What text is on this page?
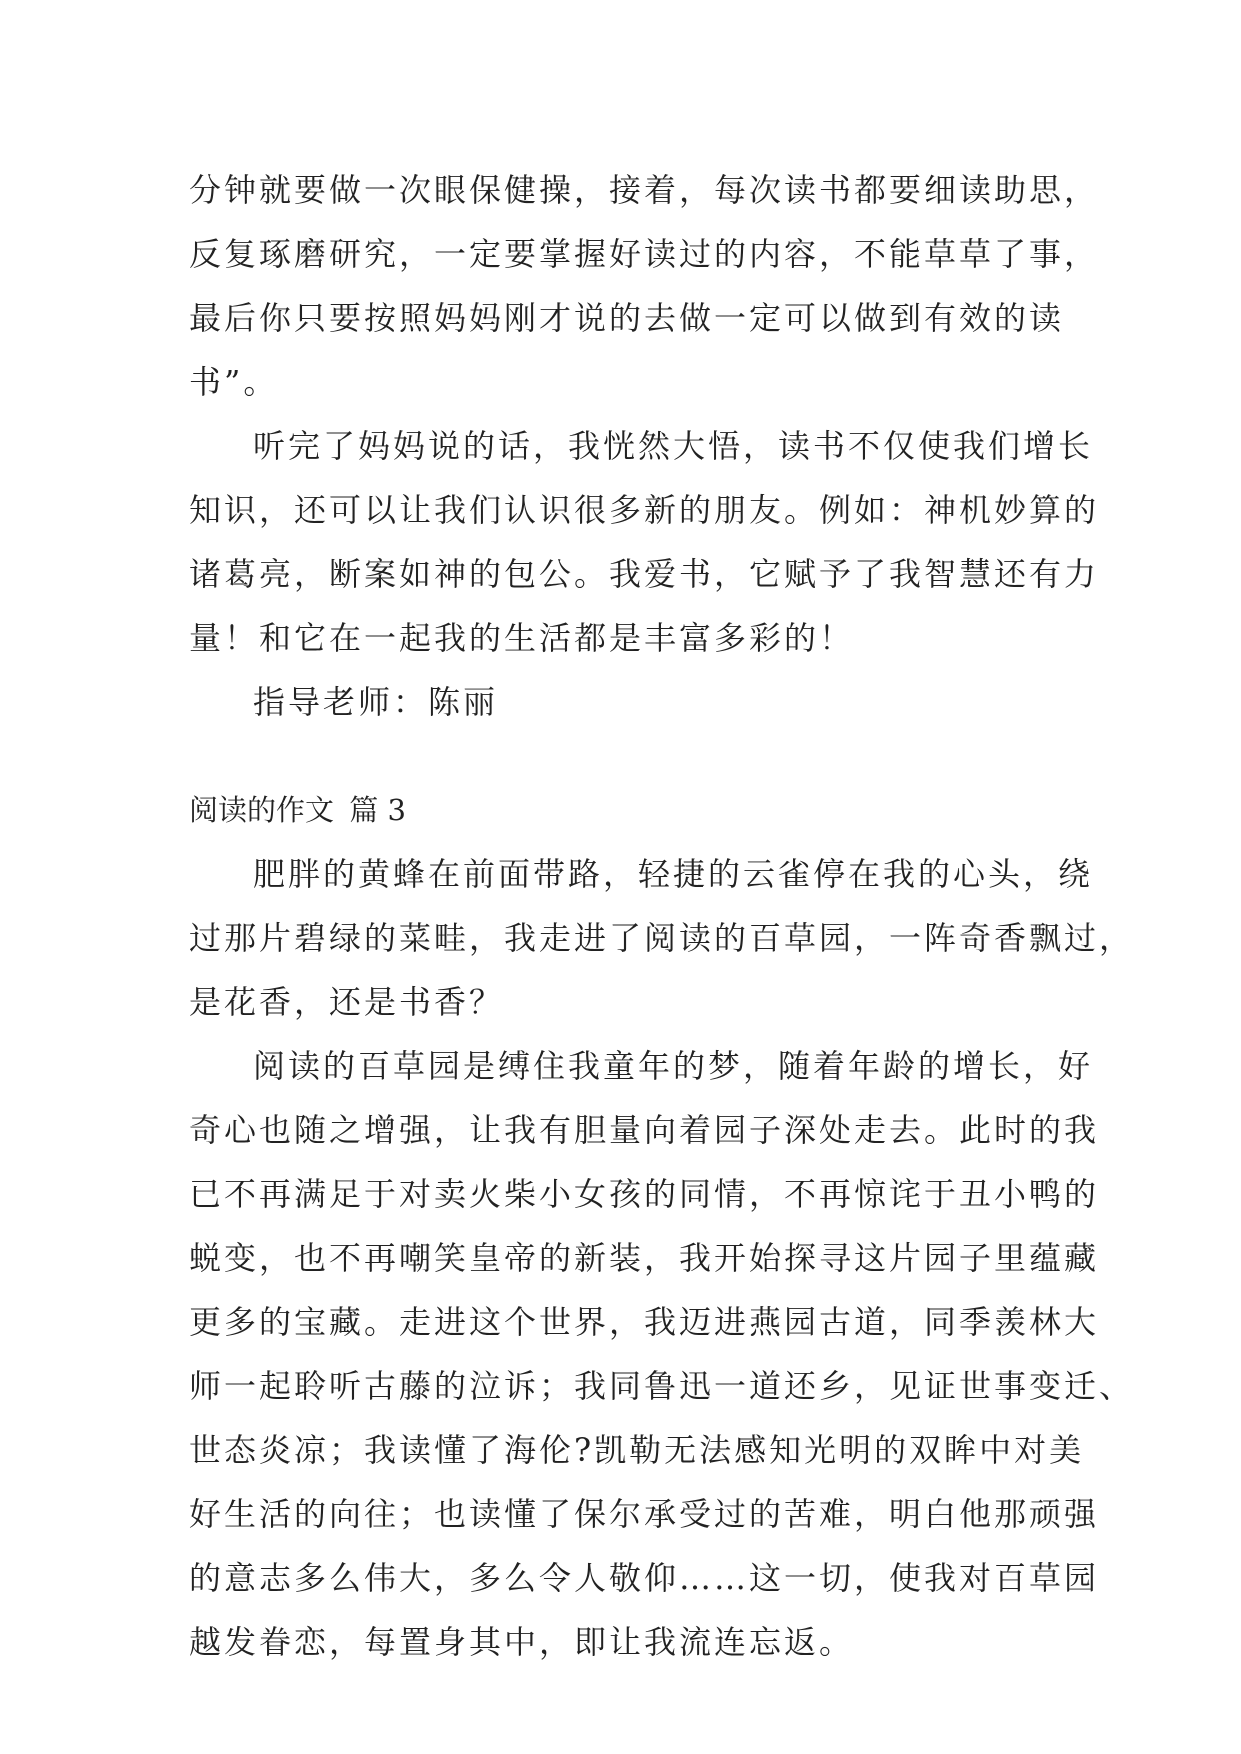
分钟就要做一次眼保健操，接着，每次读书都要细读助思，
反复琢磨研究，一定要掌握好读过的内容，不能草草了事，
最后你只要按照妈妈刚才说的去做一定可以做到有效的读
书”。
听完了妈妈说的话，我恍然大悟，读书不仅使我们增长
知识，还可以让我们认识很多新的朋友。例如：神机妙算的
诸葛亮，断案如神的包公。我爱书，它赋予了我智慧还有力
量！和它在一起我的生活都是丰富多彩的！
指导老师：陈丽
阅读的作文 篇 3
肥胖的黄蜂在前面带路，轻捷的云雀停在我的心头，绕
过那片碧绿的菜畦，我走进了阅读的百草园，一阵奇香飘过，
是花香，还是书香？
阅读的百草园是缚住我童年的梦，随着年龄的增长，好
奇心也随之增强，让我有胆量向着园子深处走去。此时的我
已不再满足于对卖火柴小女孩的同情，不再惊诧于丑小鸭的
蜕变，也不再嘲笑皇帝的新装，我开始探寻这片园子里蕴藏
更多的宝藏。走进这个世界，我迈进燕园古道，同季羡林大
师一起聆听古藤的泣诉；我同鲁迅一道还乡，见证世事变迁、
世态炎凉；我读懂了海伦?凯勒无法感知光明的双眸中对美
好生活的向往；也读懂了保尔承受过的苦难，明白他那顽强
的意志多么伟大，多么令人敬仰……这一切，使我对百草园
越发眷恋，每置身其中，即让我流连忘返。
